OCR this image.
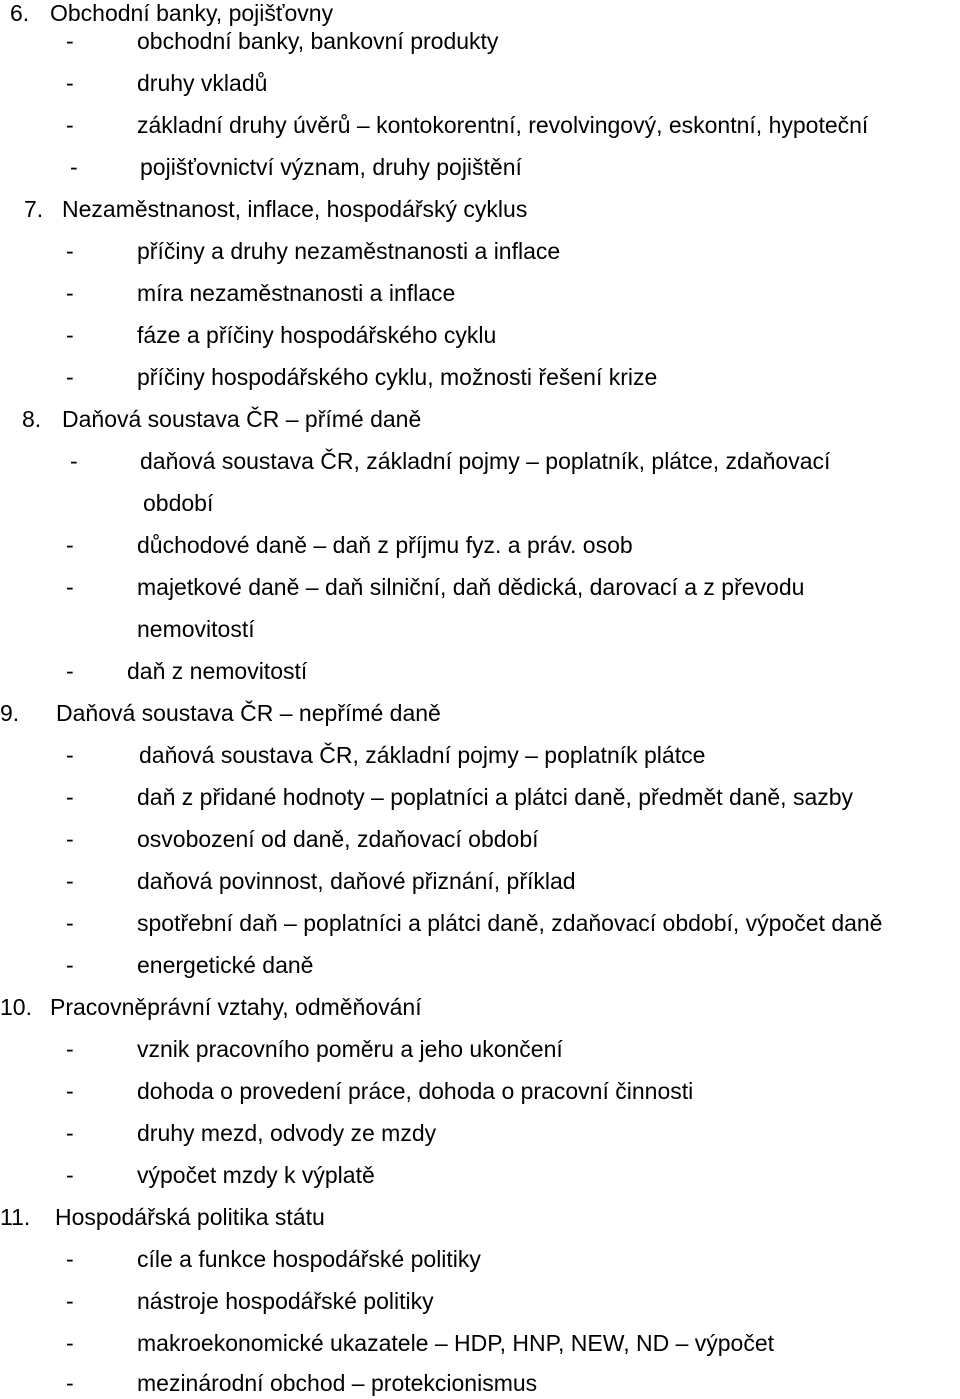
6. Obchodní banky, pojišťovny
-	obchodní banky, bankovní produkty
-	druhy vkladů
-	základní druhy úvěrů – kontokorentní, revolvingový, eskontní, hypoteční
-	pojišťovnictví význam, druhy pojištění
7. Nezaměstnanost, inflace, hospodářský cyklus
-	příčiny a druhy nezaměstnanosti a inflace
-	míra nezaměstnanosti a inflace
-	fáze a příčiny hospodářského cyklu
-	příčiny hospodářského cyklu, možnosti řešení krize
8. Daňová soustava ČR – přímé daně
-	daňová soustava ČR, základní pojmy – poplatník, plátce, zdaňovací
období
-	důchodové daně – daň z příjmu fyz. a práv. osob
-	majetkové daně – daň silniční, daň dědická, darovací a z převodu
nemovitostí
- daň z nemovitostí
9. Daňová soustava ČR – nepřímé daně
-	daňová soustava ČR, základní pojmy – poplatník plátce
-	daň z přidané hodnoty – poplatníci a plátci daně, předmět daně, sazby
-	osvobození od daně, zdaňovací období
-	daňová povinnost, daňové přiznání, příklad
-	spotřební daň – poplatníci a plátci daně, zdaňovací období, výpočet daně
-	energetické daně
10. Pracovněprávní vztahy, odměňování
-	vznik pracovního poměru a jeho ukončení
-	dohoda o provedení práce, dohoda o pracovní činnosti
-	druhy mezd, odvody ze mzdy
-	výpočet mzdy k výplatě
11. Hospodářská politika státu
-	cíle a funkce hospodářské politiky
-	nástroje hospodářské politiky
-	makroekonomické ukazatele – HDP, HNP, NEW, ND – výpočet
-	mezinárodní obchod – protekcionismus
